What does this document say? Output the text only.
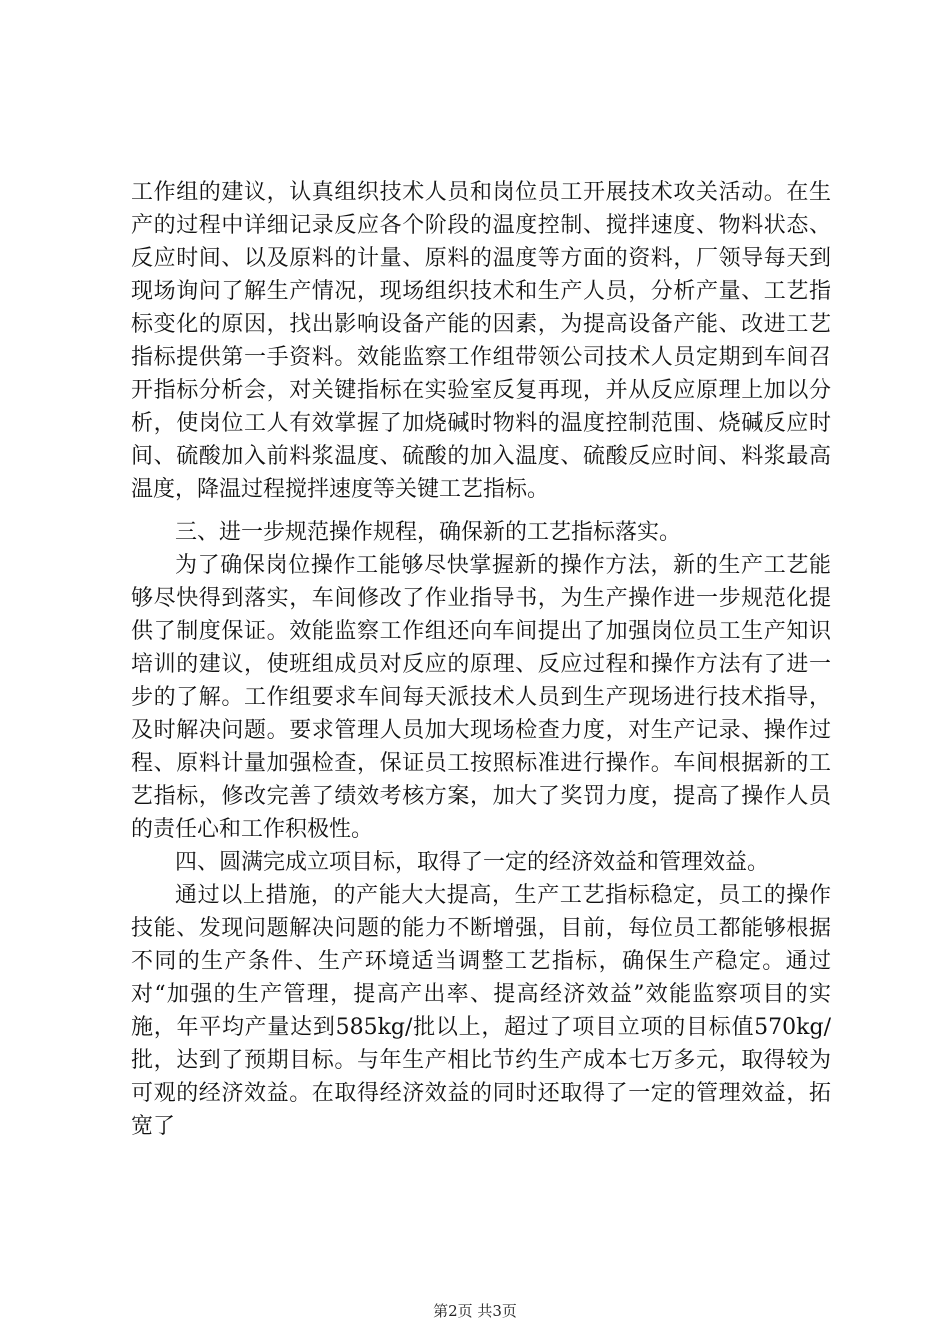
工作组的建议，认真组织技术人员和岗位员工开展技术攻关活动。在生产的过程中详细记录反应各个阶段的温度控制、搅拌速度、物料状态、反应时间、以及原料的计量、原料的温度等方面的资料，厂领导每天到现场询问了解生产情况，现场组织技术和生产人员，分析产量、工艺指标变化的原因，找出影响设备产能的因素，为提高设备产能、改进工艺指标提供第一手资料。效能监察工作组带领公司技术人员定期到车间召开指标分析会，对关键指标在实验室反复再现，并从反应原理上加以分析，使岗位工人有效掌握了加烧碱时物料的温度控制范围、烧碱反应时间、硫酸加入前料浆温度、硫酸的加入温度、硫酸反应时间、料浆最高温度，降温过程搅拌速度等关键工艺指标。

三、进一步规范操作规程，确保新的工艺指标落实。

为了确保岗位操作工能够尽快掌握新的操作方法，新的生产工艺能够尽快得到落实，车间修改了作业指导书，为生产操作进一步规范化提供了制度保证。效能监察工作组还向车间提出了加强岗位员工生产知识培训的建议，使班组成员对反应的原理、反应过程和操作方法有了进一步的了解。工作组要求车间每天派技术人员到生产现场进行技术指导，及时解决问题。要求管理人员加大现场检查力度，对生产记录、操作过程、原料计量加强检查，保证员工按照标准进行操作。车间根据新的工艺指标，修改完善了绩效考核方案，加大了奖罚力度，提高了操作人员的责任心和工作积极性。

四、圆满完成立项目标，取得了一定的经济效益和管理效益。

通过以上措施，的产能大大提高，生产工艺指标稳定，员工的操作技能、发现问题解决问题的能力不断增强，目前，每位员工都能够根据不同的生产条件、生产环境适当调整工艺指标，确保生产稳定。通过对“加强的生产管理，提高产出率、提高经济效益”效能监察项目的实施，年平均产量达到585kg/批以上，超过了项目立项的目标值570kg/批，达到了预期目标。与年生产相比节约生产成本七万多元，取得较为可观的经济效益。在取得经济效益的同时还取得了一定的管理效益，拓宽了

第2页 共3页
